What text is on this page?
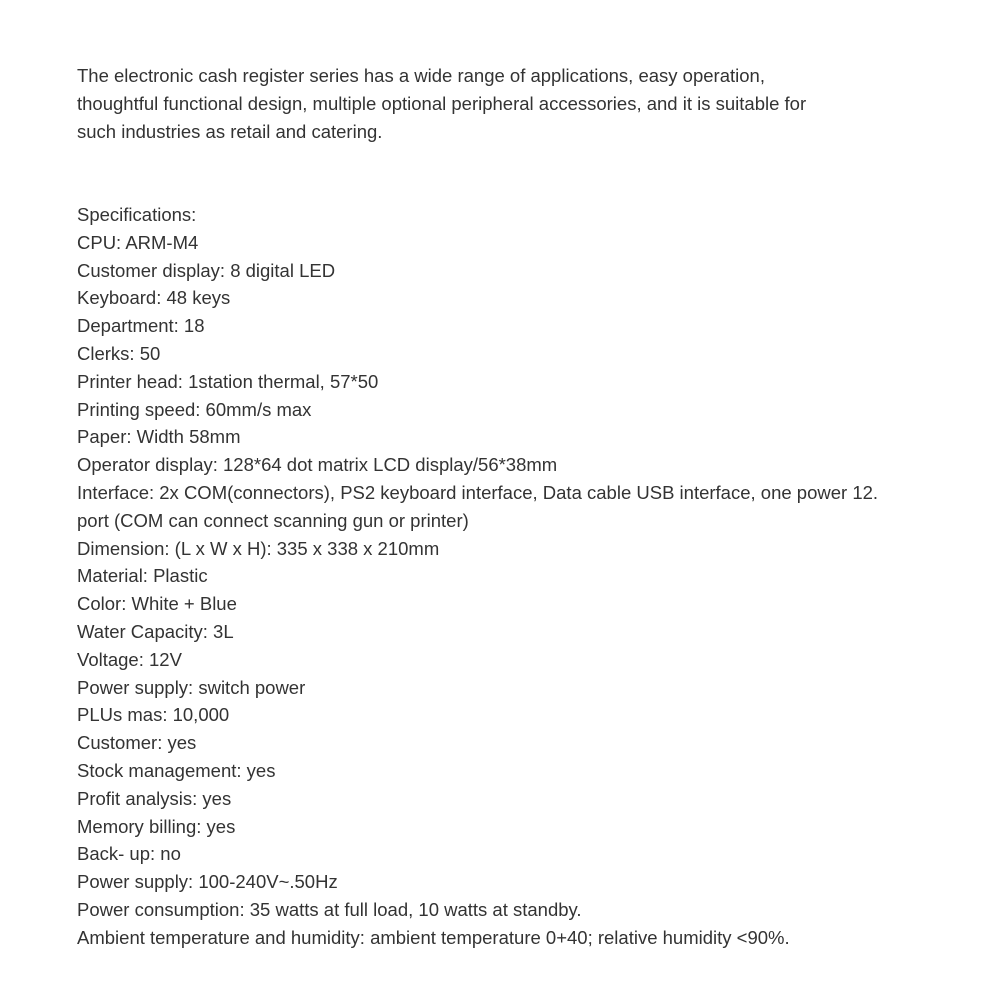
The electronic cash register series has a wide range of applications, easy operation,
thoughtful functional design, multiple optional peripheral accessories, and it is suitable for
such industries as retail and catering.

Specifications:
CPU: ARM-M4
Customer display: 8 digital LED
Keyboard: 48 keys
Department: 18
Clerks: 50
Printer head: 1station thermal, 57*50
Printing speed: 60mm/s max
Paper: Width 58mm
Operator display: 128*64 dot matrix LCD display/56*38mm
Interface: 2x COM(connectors), PS2 keyboard interface, Data cable USB interface, one power 12.
port (COM can connect scanning gun or printer)
Dimension: (L x W x H): 335 x 338 x 210mm
Material: Plastic
Color: White + Blue
Water Capacity: 3L
Voltage: 12V
Power supply: switch power
PLUs mas: 10,000
Customer: yes
Stock management: yes
Profit analysis: yes
Memory billing: yes
Back- up: no
Power supply: 100-240V~.50Hz
Power consumption: 35 watts at full load, 10 watts at standby.
Ambient temperature and humidity: ambient temperature 0+40; relative humidity <90%.
